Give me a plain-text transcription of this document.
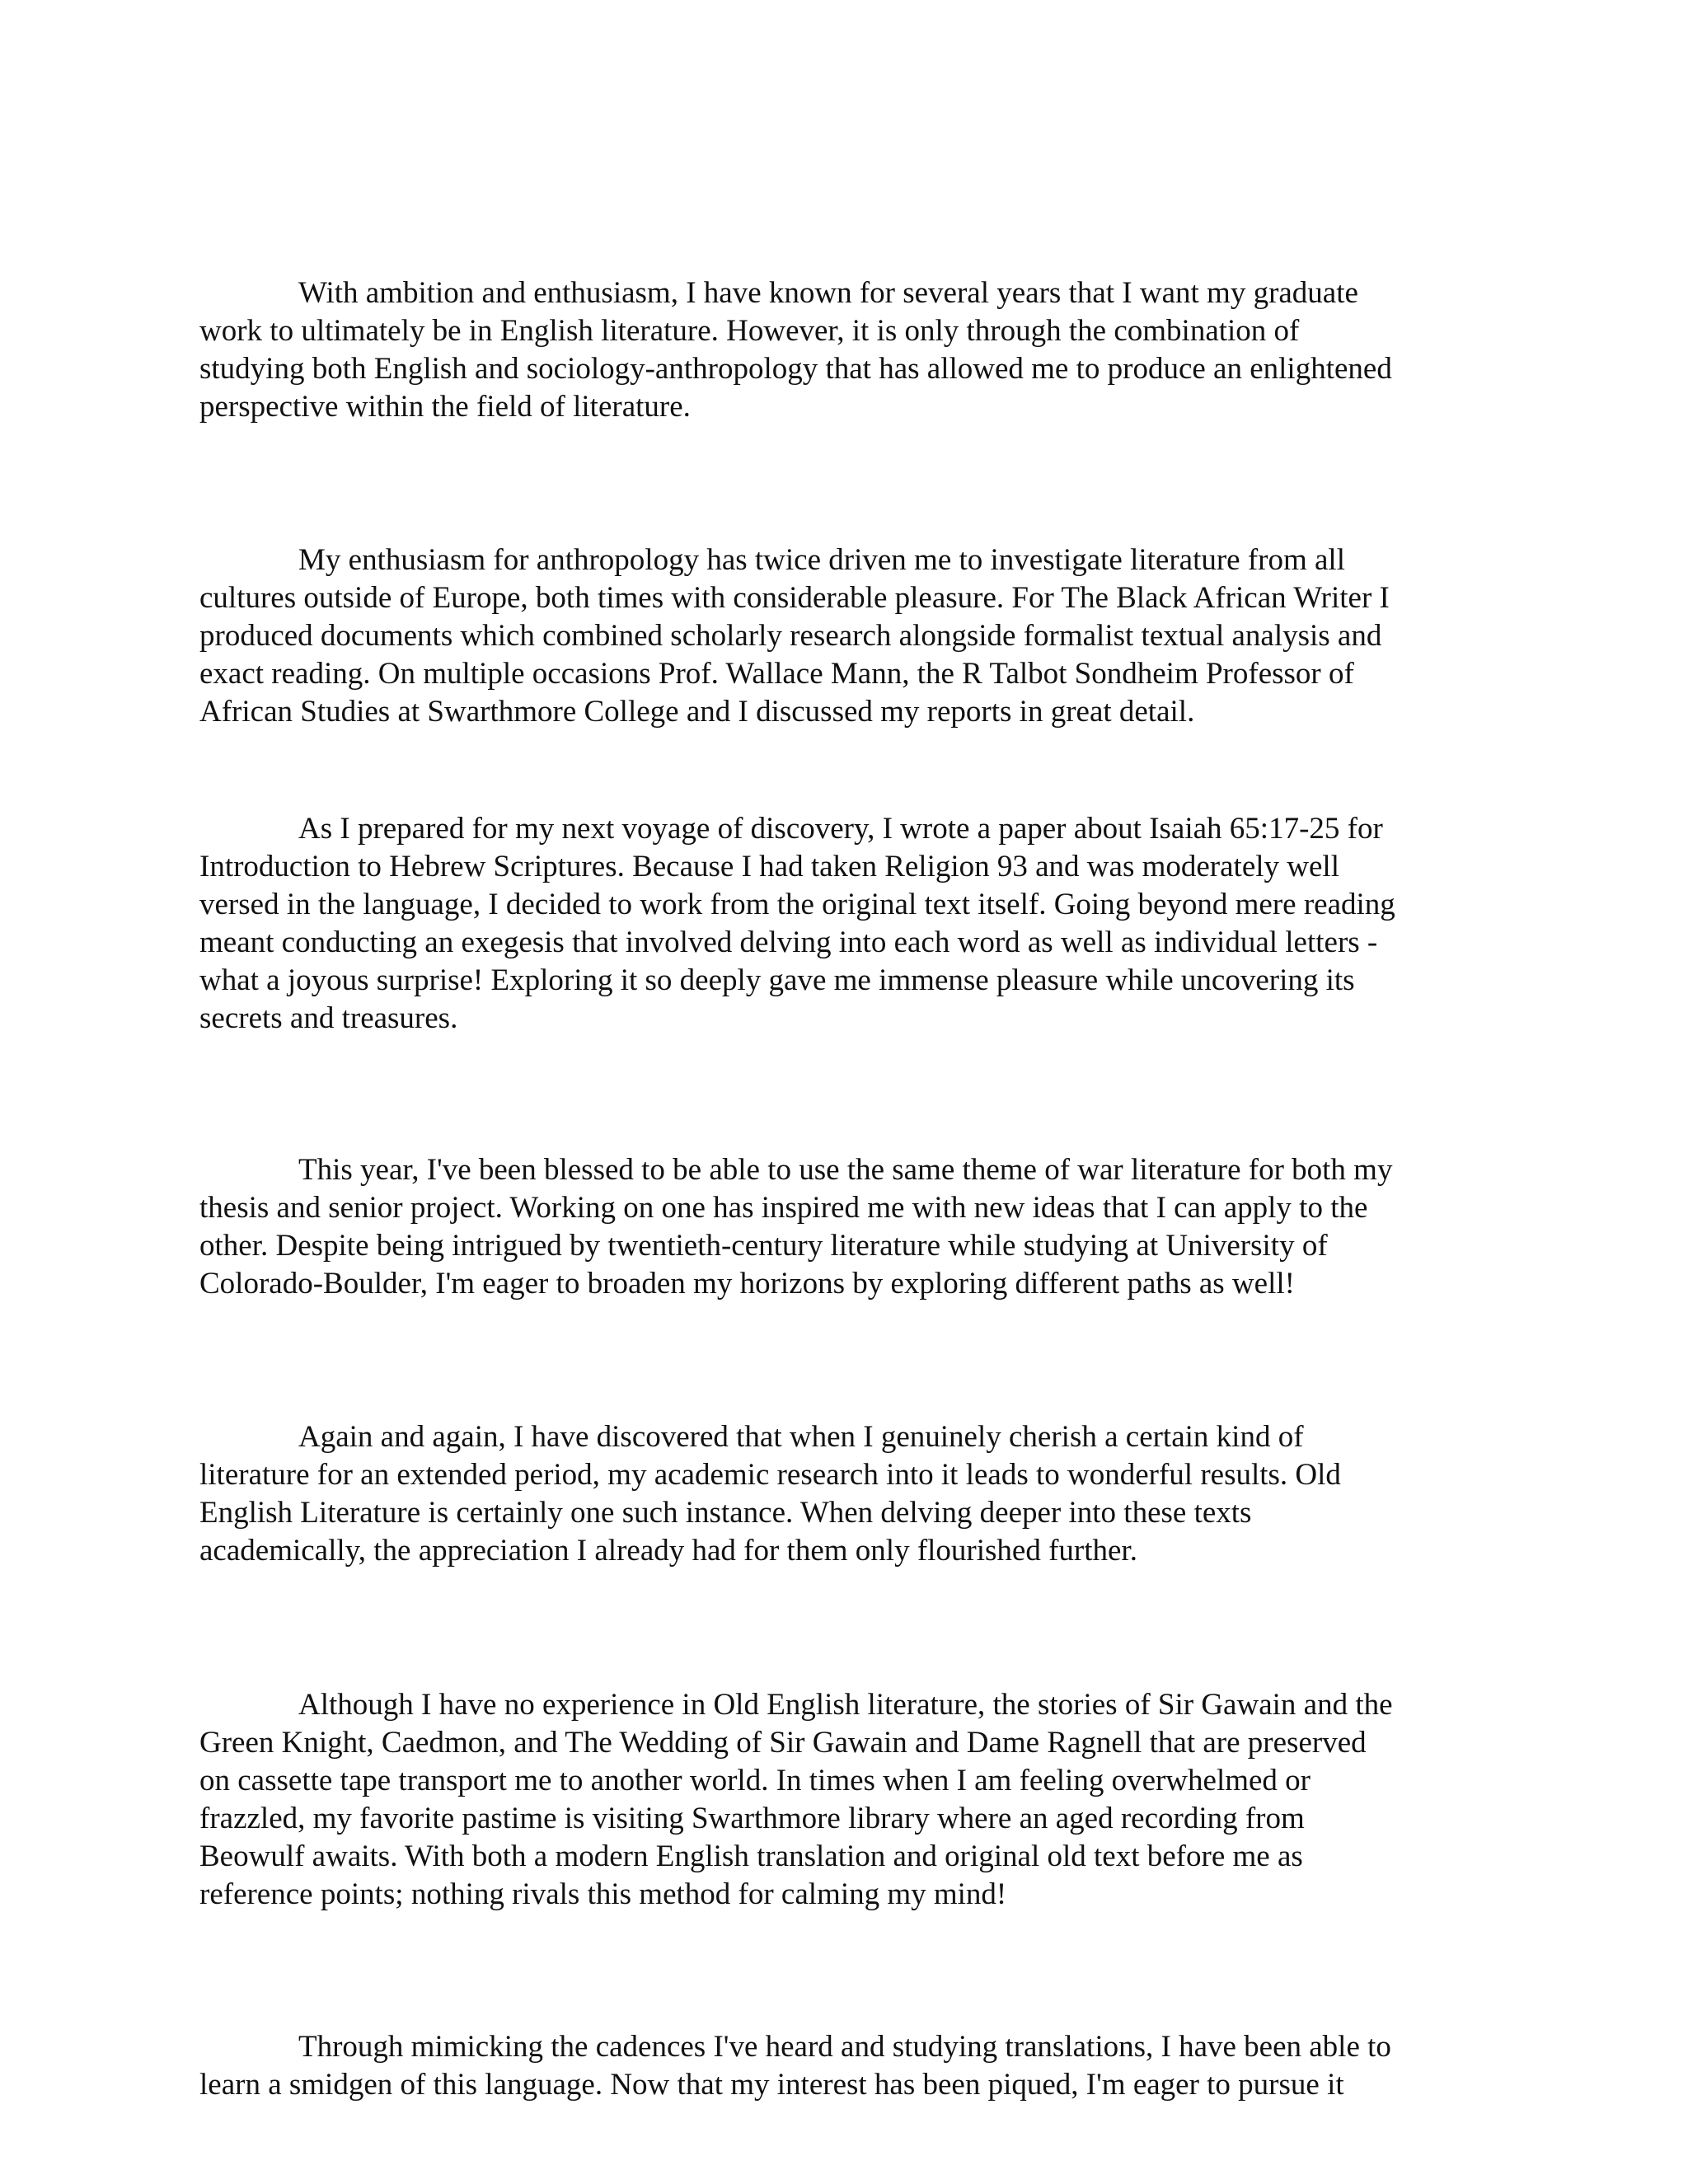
With ambition and enthusiasm, I have known for several years that I want my graduate
work to ultimately be in English literature. However, it is only through the combination of
studying both English and sociology-anthropology that has allowed me to produce an enlightened
perspective within the field of literature.

My enthusiasm for anthropology has twice driven me to investigate literature from all
cultures outside of Europe, both times with considerable pleasure. For The Black African Writer I
produced documents which combined scholarly research alongside formalist textual analysis and
exact reading. On multiple occasions Prof. Wallace Mann, the R Talbot Sondheim Professor of
African Studies at Swarthmore College and I discussed my reports in great detail.

As I prepared for my next voyage of discovery, I wrote a paper about Isaiah 65:17-25 for
Introduction to Hebrew Scriptures. Because I had taken Religion 93 and was moderately well
versed in the language, I decided to work from the original text itself. Going beyond mere reading
meant conducting an exegesis that involved delving into each word as well as individual letters -
what a joyous surprise! Exploring it so deeply gave me immense pleasure while uncovering its
secrets and treasures.

This year, I've been blessed to be able to use the same theme of war literature for both my
thesis and senior project. Working on one has inspired me with new ideas that I can apply to the
other. Despite being intrigued by twentieth-century literature while studying at University of
Colorado-Boulder, I'm eager to broaden my horizons by exploring different paths as well!

Again and again, I have discovered that when I genuinely cherish a certain kind of
literature for an extended period, my academic research into it leads to wonderful results. Old
English Literature is certainly one such instance. When delving deeper into these texts
academically, the appreciation I already had for them only flourished further.

Although I have no experience in Old English literature, the stories of Sir Gawain and the
Green Knight, Caedmon, and The Wedding of Sir Gawain and Dame Ragnell that are preserved
on cassette tape transport me to another world. In times when I am feeling overwhelmed or
frazzled, my favorite pastime is visiting Swarthmore library where an aged recording from
Beowulf awaits. With both a modern English translation and original old text before me as
reference points; nothing rivals this method for calming my mind!

Through mimicking the cadences I've heard and studying translations, I have been able to
learn a smidgen of this language. Now that my interest has been piqued, I'm eager to pursue it
